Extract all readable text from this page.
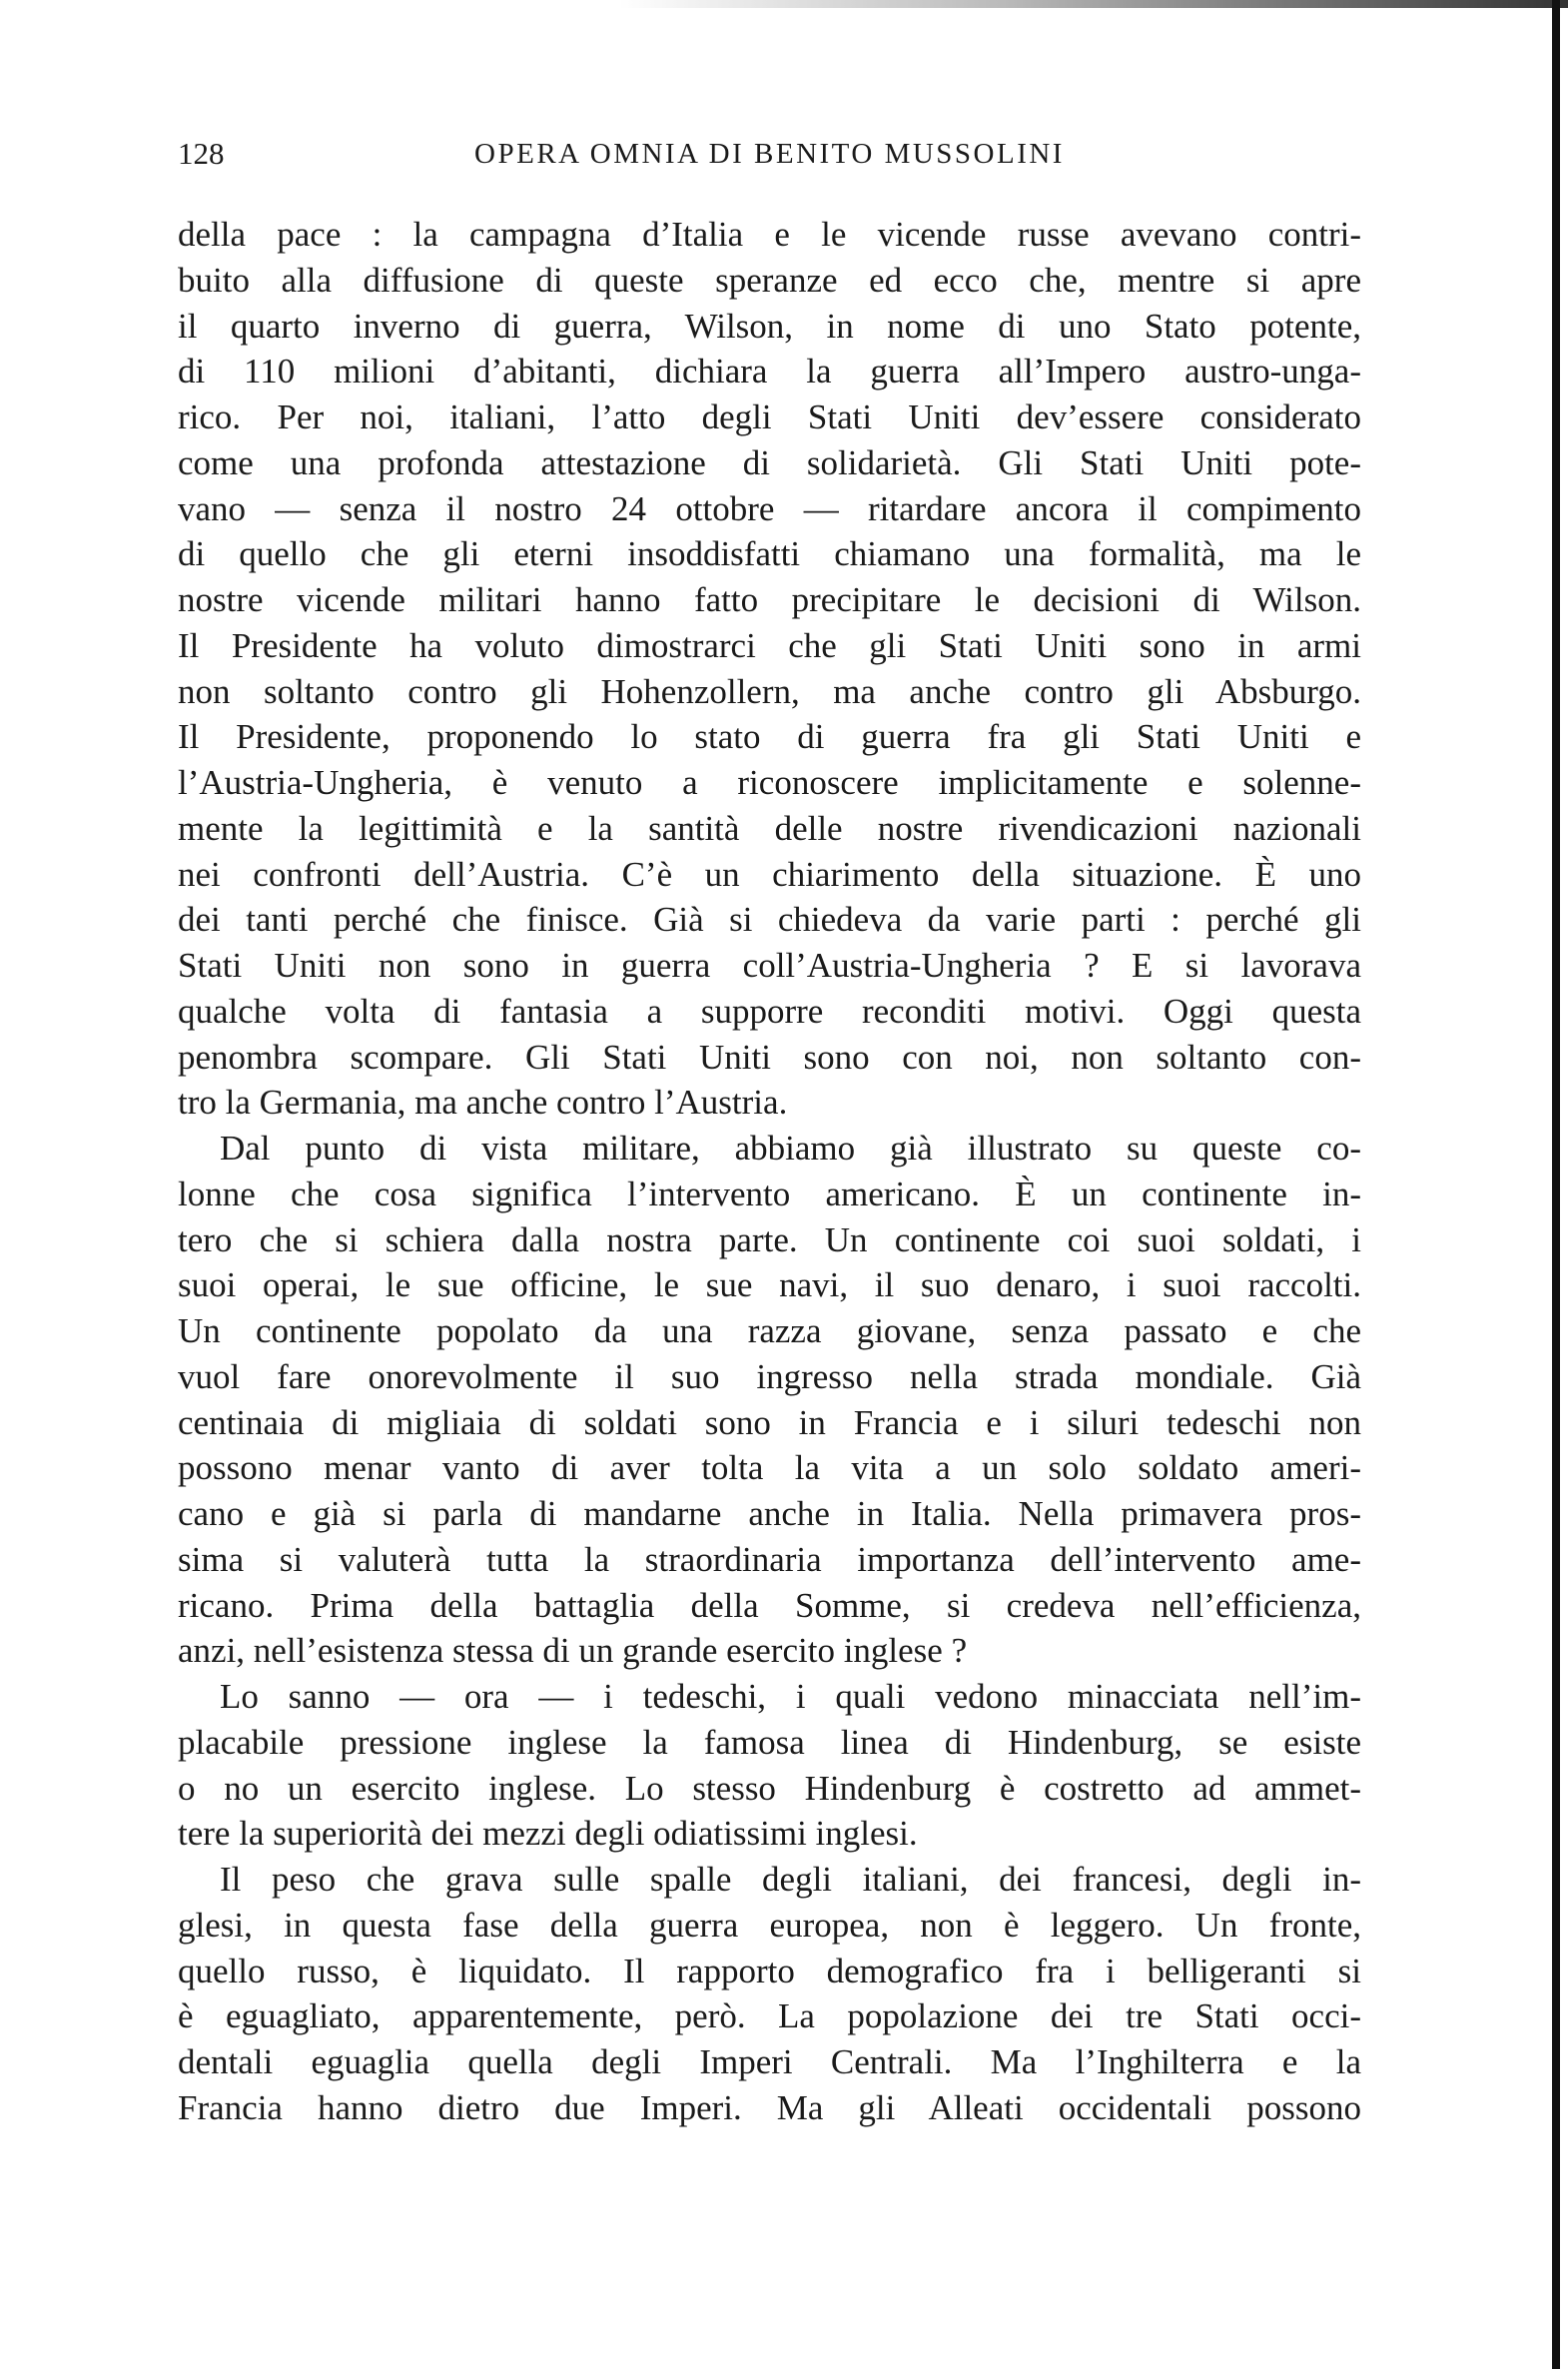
128	OPERA OMNIA DI BENITO MUSSOLINI
della pace : la campagna d’Italia e le vicende russe avevano contri-
buito alla diffusione di queste speranze ed ecco che, mentre si apre
il quarto inverno di guerra, Wilson, in nome di uno Stato potente,
di 110 milioni d’abitanti, dichiara la guerra all’Impero austro-unga-
rico. Per noi, italiani, l’atto degli Stati Uniti dev’essere considerato
come una profonda attestazione di solidarietà. Gli Stati Uniti pote-
vano — senza il nostro 24 ottobre — ritardare ancora il compimento
di quello che gli eterni insoddisfatti chiamano una formalità, ma le
nostre vicende militari hanno fatto precipitare le decisioni di Wilson.
Il Presidente ha voluto dimostrarci che gli Stati Uniti sono in armi
non soltanto contro gli Hohenzollern, ma anche contro gli Absburgo.
Il Presidente, proponendo lo stato di guerra fra gli Stati Uniti e
l’Austria-Ungheria, è venuto a riconoscere implicitamente e solenne-
mente la legittimità e la santità delle nostre rivendicazioni nazionali
nei confronti dell’Austria. C’è un chiarimento della situazione. È uno
dei tanti perché che finisce. Già si chiedeva da varie parti : perché gli
Stati Uniti non sono in guerra coll’Austria-Ungheria ? E si lavorava
qualche volta di fantasia a supporre reconditi motivi. Oggi questa
penombra scompare. Gli Stati Uniti sono con noi, non soltanto con-
tro la Germania, ma anche contro l’Austria.
Dal punto di vista militare, abbiamo già illustrato su queste co-
lonne che cosa significa l’intervento americano. È un continente in-
tero che si schiera dalla nostra parte. Un continente coi suoi soldati, i
suoi operai, le sue officine, le sue navi, il suo denaro, i suoi raccolti.
Un continente popolato da una razza giovane, senza passato e che
vuol fare onorevolmente il suo ingresso nella strada mondiale. Già
centinaia di migliaia di soldati sono in Francia e i siluri tedeschi non
possono menar vanto di aver tolta la vita a un solo soldato ameri-
cano e già si parla di mandarne anche in Italia. Nella primavera pros-
sima si valuterà tutta la straordinaria importanza dell’intervento ame-
ricano. Prima della battaglia della Somme, si credeva nell’efficienza,
anzi, nell’esistenza stessa di un grande esercito inglese ?
Lo sanno — ora — i tedeschi, i quali vedono minacciata nell’im-
placabile pressione inglese la famosa linea di Hindenburg, se esiste
o no un esercito inglese. Lo stesso Hindenburg è costretto ad ammet-
tere la superiorità dei mezzi degli odiatissimi inglesi.
Il peso che grava sulle spalle degli italiani, dei francesi, degli in-
glesi, in questa fase della guerra europea, non è leggero. Un fronte,
quello russo, è liquidato. Il rapporto demografico fra i belligeranti si
è eguagliato, apparentemente, però. La popolazione dei tre Stati occi-
dentali eguaglia quella degli Imperi Centrali. Ma l’Inghilterra e la
Francia hanno dietro due Imperi. Ma gli Alleati occidentali possono
